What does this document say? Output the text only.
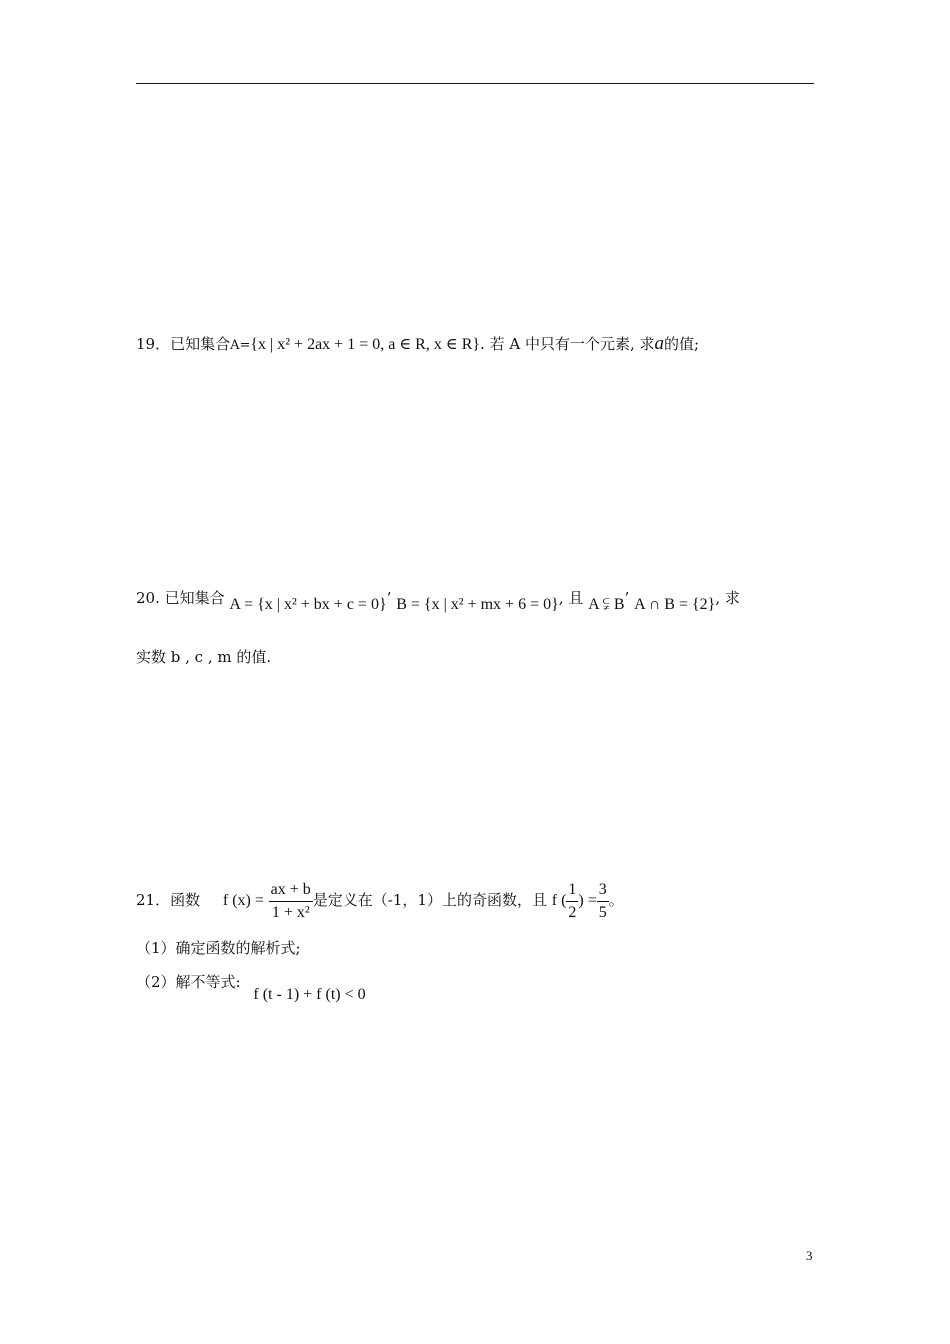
19．已知集合A={x | x² + 2ax + 1 = 0, a ∈ R, x ∈ R}. 若 A 中只有一个元素, 求a的值;
20. 已知集合 A = {x | x² + bx + c = 0}’ B = {x | x² + mx + 6 = 0}, 且 A ⫋ B’ A ∩ B = {2}, 求
实数 b , c , m 的值.
21．函数 f $(x) = \frac{ax + b}{\text{1 + x²}}$ 是定义在（-1，1）上的奇函数，且 f ( $\frac{1}{2}$ ) = $\frac{3}{5}$ 。
（1）确定函数的解析式;
（2）解不等式: f (t - 1) + f (t) < 0
3
